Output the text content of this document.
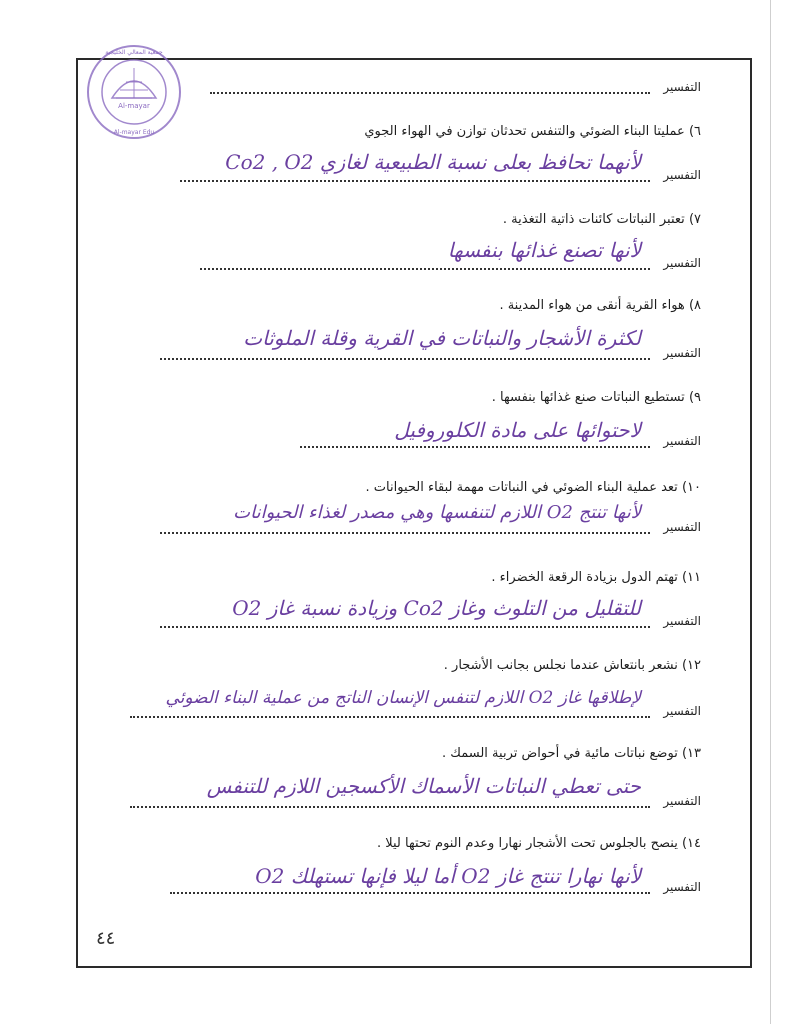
Al-mayar
جمعية المعالي الخليجية
Al-mayar Edu
التفسير
٦) عمليتا البناء الضوئي والتنفس تحدثان توازن في الهواء الجوي
التفسير
لأنهما تحافظ بعلى نسبة الطبيعية لغازي Co2 , O2
٧) تعتبر النباتات كائنات ذاتية التغذية .
التفسير
لأنها تصنع غذائها بنفسها
٨) هواء القرية أنقى من هواء المدينة .
التفسير
لكثرة الأشجار والنباتات في القرية وقلة الملوثات
٩) تستطيع النباتات صنع غذائها بنفسها .
التفسير
لاحتوائها على مادة الكلوروفيل
١٠) تعد عملية البناء الضوئي في النباتات مهمة لبقاء الحيوانات .
التفسير
لأنها تنتج O2 اللازم لتنفسها وهي مصدر لغذاء الحيوانات
١١) تهتم الدول بزيادة الرقعة الخضراء .
التفسير
للتقليل من التلوث وغاز Co2 وزيادة نسبة غاز O2
١٢) نشعر بانتعاش عندما نجلس بجانب الأشجار .
التفسير
لإطلاقها غاز O2 اللازم لتنفس الإنسان الناتج من عملية البناء الضوئي
١٣) توضع نباتات مائية في أحواض تربية السمك .
التفسير
حتى تعطي النباتات الأسماك الأكسجين اللازم للتنفس
١٤) ينصح بالجلوس تحت الأشجار نهارا وعدم النوم تحتها ليلا .
التفسير
لأنها نهارا تنتج غاز O2 أما ليلا فإنها تستهلك O2
٤٤
